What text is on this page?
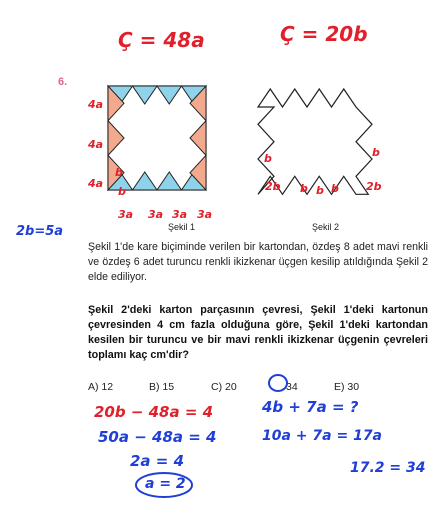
Ç = 48a	Ç = 20b
6.
4a
4a
4a
b
b
3a 3a 3a 3a
Şekil 1
b	b
2b b b b 2b
Şekil 2
2b=5a
Şekil 1'de kare biçiminde verilen bir kartondan, özdeş 8 adet mavi renkli ve özdeş 6 adet turuncu renkli ikizkenar üçgen kesilip atıldığında Şekil 2 elde ediliyor.
Şekil 2'deki karton parçasının çevresi, Şekil 1'deki kartonun çevresinden 4 cm fazla olduğuna göre, Şekil 1'deki kartondan kesilen bir turuncu ve bir mavi renkli ikizkenar üçgenin çevreleri toplamı kaç cm'dir?
A) 12	B) 15	C) 20	34	E) 30
20b − 48a = 4
50a − 48a = 4
2a = 4
a = 2
4b + 7a = ?
10a + 7a = 17a
17.2 = 34
